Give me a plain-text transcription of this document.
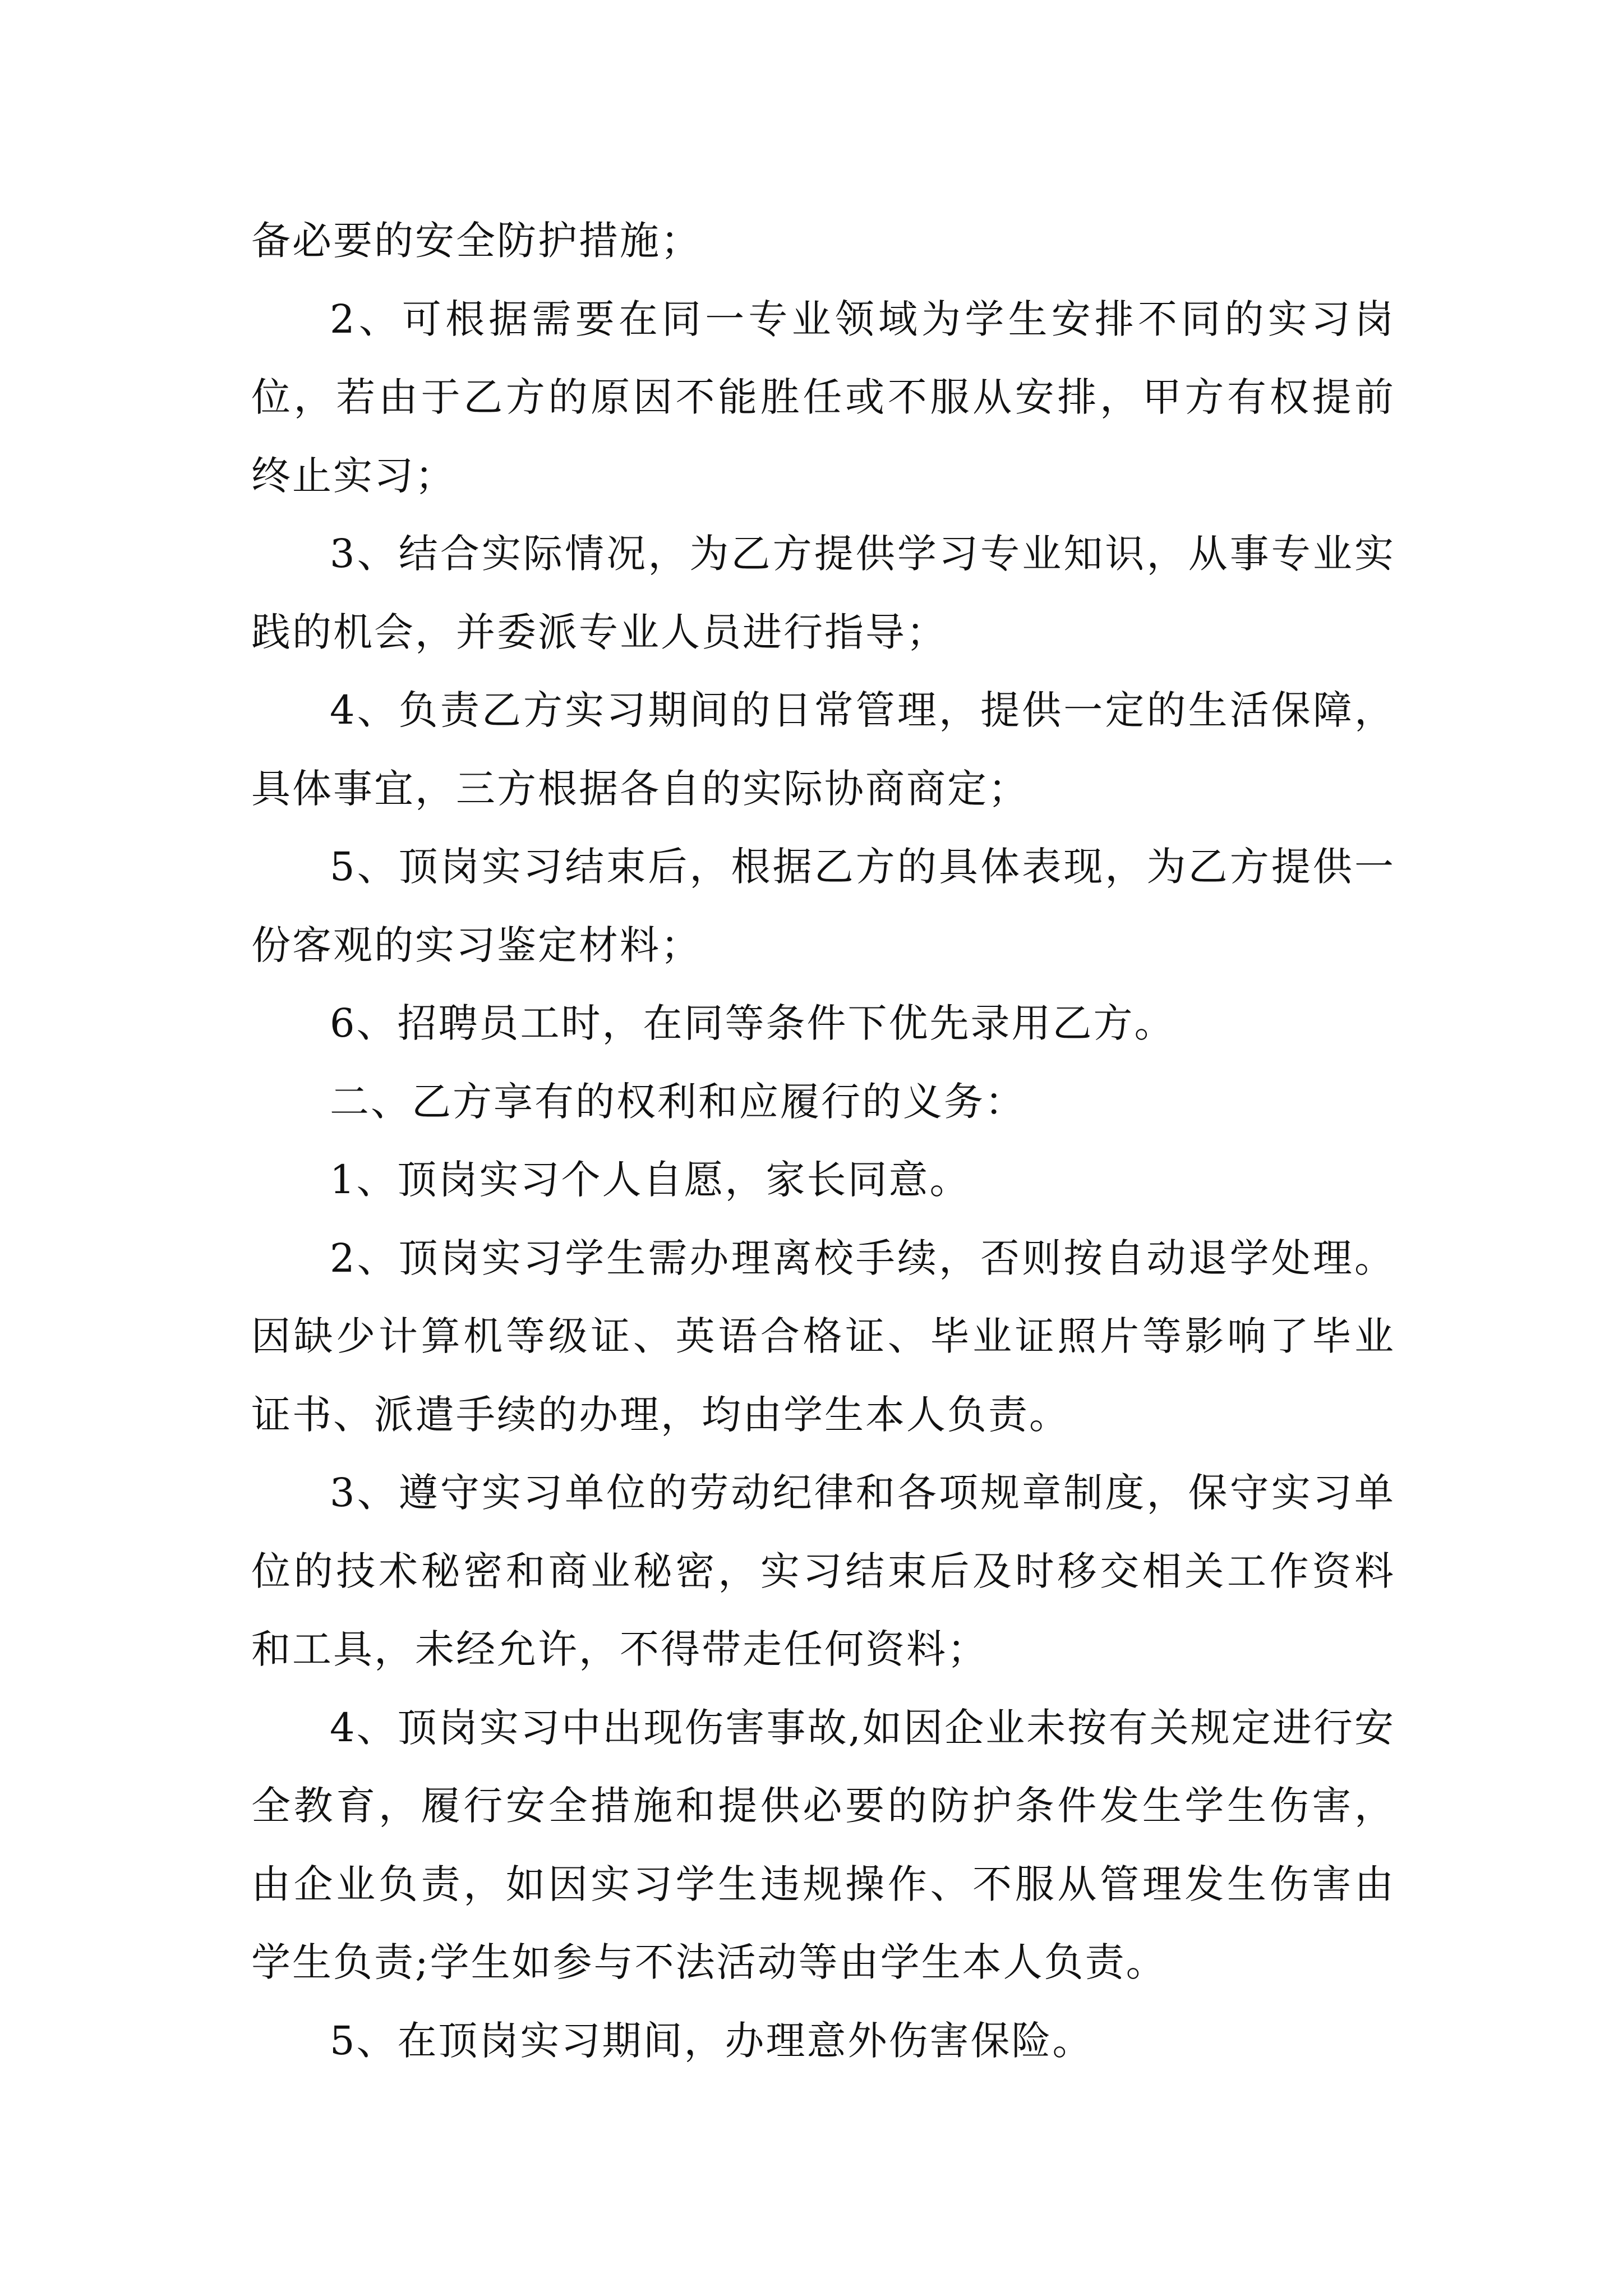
备必要的安全防护措施；

2、可根据需要在同一专业领域为学生安排不同的实习岗位，若由于乙方的原因不能胜任或不服从安排，甲方有权提前终止实习；

3、结合实际情况，为乙方提供学习专业知识，从事专业实践的机会，并委派专业人员进行指导；

4、负责乙方实习期间的日常管理，提供一定的生活保障，具体事宜，三方根据各自的实际协商商定；

5、顶岗实习结束后，根据乙方的具体表现，为乙方提供一份客观的实习鉴定材料；

6、招聘员工时，在同等条件下优先录用乙方。

二、乙方享有的权利和应履行的义务：

1、顶岗实习个人自愿，家长同意。

2、顶岗实习学生需办理离校手续，否则按自动退学处理。因缺少计算机等级证、英语合格证、毕业证照片等影响了毕业证书、派遣手续的办理，均由学生本人负责。

3、遵守实习单位的劳动纪律和各项规章制度，保守实习单位的技术秘密和商业秘密，实习结束后及时移交相关工作资料和工具，未经允许，不得带走任何资料；

4、顶岗实习中出现伤害事故,如因企业未按有关规定进行安全教育，履行安全措施和提供必要的防护条件发生学生伤害，由企业负责，如因实习学生违规操作、不服从管理发生伤害由学生负责;学生如参与不法活动等由学生本人负责。

5、在顶岗实习期间，办理意外伤害保险。
